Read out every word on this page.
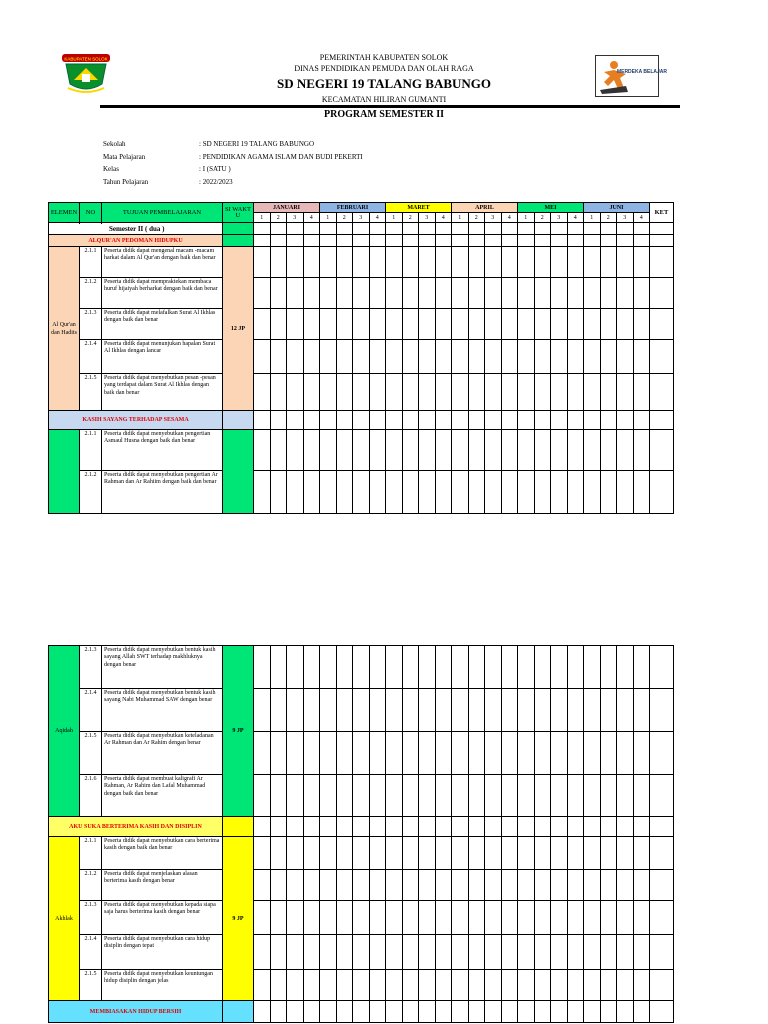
KABUPATEN SOLOK	PEMERINTAH KABUPATEN SOLOK
DINAS PENDIDIKAN PEMUDA DAN OLAH RAGA
SD NEGERI 19 TALANG BABUNGO
KECAMATAN HILIRAN GUMANTI
PROGRAM SEMESTER II
MERDEKA BELAJAR
Sekolah	: SD NEGERI 19 TALANG BABUNGO
Mata Pelajaran	: PENDIDIKAN AGAMA ISLAM DAN BUDI PEKERTI
Kelas	: I (SATU )
Tahun Pelajaran	: 2022/2023
ELEMEN	NO	TUJUAN PEMBELAJARAN	SI WAKT U	JANUARI				FEBRUARI				MARET				APRIL				MEI				JUNI				KET
				1	2	3	4	1	2	3	4	1	2	3	4	1	2	3	4	1	2	3	4	1	2	3	4	

Semester II ( dua )																												
ALQUR'AN PEDOMAN HIDUPKU																												
Al Qur'an dan Hadits	2.1.1	Peserta didik dapat mengenal macam -macam harkat dalam Al Qur'an dengan baik dan benar	12 JP																									
	2.1.2	Peserta didik dapat mempraktekan membaca huruf hijaiyah berharkat dengan baik dan benar																										
	2.1.3	Peserta didik dapat melafalkan Surat Al Ikhlas dengan baik dan benar																										
	2.1.4	Peserta didik dapat menunjukan hapalan Surat Al Ikhlas dengan lancar																										
	2.1.5	Peserta didik dapat menyebutkan pesan -pesan yang terdapat dalam Surat Al Ikhlas dengan baik dan benar																										
KASIH SAYANG TERHADAP SESAMA																												
	2.1.1	Peserta didik dapat menyebutkan pengertian Asmaul Husna dengan baik dan benar																										
	2.1.2	Peserta didik dapat menyebutkan pengertian Ar Rahman dan Ar Rahiim dengan baik dan benar																										
Aqidah	2.1.3	Peserta didik dapat menyebutkan bentuk kasih sayang Allah SWT terhadap makhluknya dengan benar	9 JP																									
	2.1.4	Peserta didik dapat menyebutkan bentuk kasih sayang Nabi Muhammad SAW dengan benar																										
	2.1.5	Peserta didik dapat menyebutkan keteladanan Ar Rahman dan Ar Rahim dengan benar																										
	2.1.6	Peserta didik dapat membuat kaligrafi Ar Rahman, Ar Rahim dan Lafal Muhammad dengan baik dan benar																										
AKU SUKA BERTERIMA KASIH DAN DISIPLIN																												
Akhlak	2.1.1	Peserta didik dapat menyebutkan cara berterima kasih dengan baik dan benar	9 JP																									
	2.1.2	Peserta didik dapat menjelaskan alasan berterima kasih dengan benar																										
	2.1.3	Peserta didik dapat menyebutkan kepada siapa saja harus berterima kasih dengan benar																										
	2.1.4	Peserta didik dapat menyebutkan cara hidup disiplin dengan tepat																										
	2.1.5	Peserta didik dapat menyebutkan keuntungan hidup disiplin dengan jelas																										
MEMBIASAKAN HIDUP BERSIH																												
